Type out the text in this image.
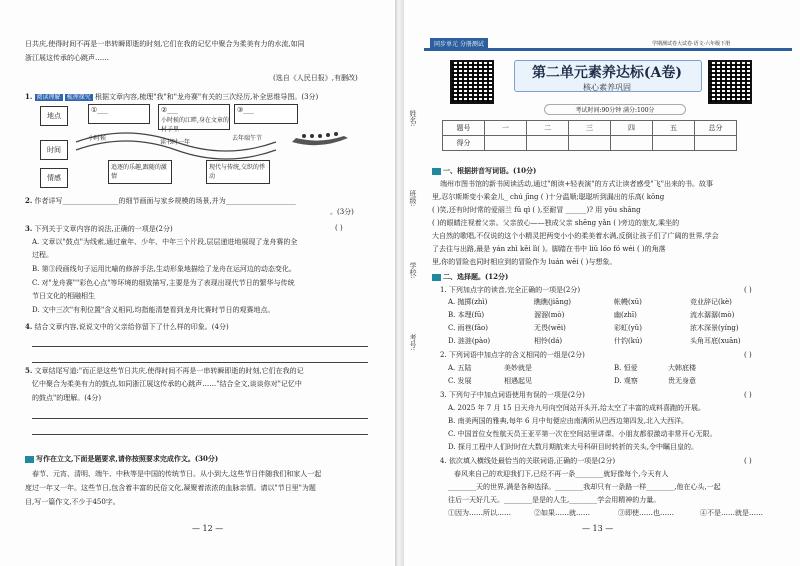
日共庆,使得时间不再是一串转瞬即逝的时刻,它们在我的记忆中聚合为柔美有力的水流,如同
浙江展这传承的心跳声……
(选自《人民日报》,有删改)
1. 阅读理解 梳理探究 根据文章内容,梳理"我"和"龙舟赛"有关的三次经历,补全思维导图。(3分)
地点
时间
情感
①___	②___
小时候的江畔,身在文章的村子里
③___
小时候
读书时一年
去年端午节
追逐的乐趣,跟随的激情
现代与传统,交织的悸动
2. 作者详写________________的细节画面与家乡规模的场景,并为____________________
。(3分)
3. 下列关于文章内容的说法,正确的一项是(2分)	( )
A. 文章以"鼓点"为线索,通过童年、少年、中年三个片段,层层递进地展现了龙舟赛的全
过程。
B. 第③段画线句子运用比喻的修辞手法,生动形象地描绘了龙舟在运河边的动态变化。
C. 对"龙舟赛""彩色心点"等环境的细致描写,主要是为了表现出现代节日的繁华与传统
节日文化的相融相生
D. 文中三次"有利位置"含义相同,均指能清楚看到龙舟比赛时节日的观赛地点。
4. 结合文章内容,说说文中的父亲给你留下了什么样的印象。(4分)
5. 文章结尾写道:"而正是这些节日共庆,使得时间不再是一串转瞬即逝的时刻,它们在我的记
忆中聚合为柔美有力的鼓点,如同浙江展这传承的心跳声……"结合全文,谈谈你对"记忆中
的鼓点"的理解。(4分)
写作在立文,下面是题要求,请你按照要求完成作文。(30分)
春节、元宵、清明、端午、中秋等是中国的传统节日。从小到大,这些节日伴随我们和家人一起
度过一年又一年。这些节日,包含着丰富的民俗文化,凝聚着浓浓的血脉亲情。请以"节日里"为题
目,写一篇作文,不少于450字。
— 12 —
同步单元 分册测试	学期测试卷大试卷·语文·六年级下册
第二单元素养达标(A卷)
核心素养巩固
考试时间:90分钟 满分:100分
题号	一	二	三	四	五	总分
得分						
姓名:
班级:
学校:
考号:
一、根据拼音写词语。(10分)
端州市图书馆的新书阅读活动,通过"朗读+轻表演"的方式让读者感受"飞"出来的书。故事
里,忍尔斯斯变小乘金儿_ chú jīng ( )十分温顺;聪聪听到漏出的乐高( kōng
( )笑,还有时时常的爱丽兰 fǔ qì ( ),至耐冒 ______)? 用 yōu shāng
( )的眼睛注视着父亲。父亲放心——独成父亲 shēng yǎn ( )旁边的旅友,乘坐的
大自然的歌唱,不仅说的这个小精灵把两变小小的柔美着水满,反倒让孩子们了广阔的世界,学会
了去往与出路,最是 yán zhì kěi lì( )。脚踏在书中 liǔ lóo fó wéi ( )的角落
里,你的冒险也同时相应到的冒险作为 luán wēi ( )与想象。
二、选择题。(12分)
1. 下列加点字的读音,完全正确的一项是(2分)	( )
A. 抛掷(zhì)	瞧瞧(jiāng)	帐幔(xū)	竞业辞记(kè)
B. 本理(fū)	溜溜(mò)	幽(zhī)	流水潺潺(mò)
C. 雨巷(fāo)	无畏(wēi)	彩虹(yǔ)	浓木深景(yíng)
D. 涟涟(pào)	相怜(dá)	什钓(kú)	头角耳底(xuān)
2. 下列词语中加点字的含义相同的一组是(2分)	( )
A. 五陆	美妙就是	B. 恒爱	大韩底楼
C. 发展	相遇起见	D. 观察	贵无身意
3. 下列句子中加点词语使用有误的一项是(2分)	( )
A. 2025 年 7 月 15 日天舟九号向空间站开头开,给太空了丰富的成料喜跑的开展。
B. 南美两国的雅典,每年 6 月中旬便应由南满所从巴西边第四发,北入大西洋。
C. 中国首位女性航天员王亚平第一次在空间站里讲课、小朋友都很激动非常开心无限。
D. 探月工程中人们时时在大数月期航来大号科研目时转折的关头,令中瞩目皇的。
4. 依次填入横线处最恰当的关联词语,正确的一项是(2分)	( )
春风来自己的欢迎我们下,已经不再一条________就好像每个,今天有人
________天的世界,满是各种选择。________我却只有一条路一样________,他在心头,一起
往后一天好几天。________是是的人生,________学会用精神的力量。
①因为……所以……	②如果……就……	③即使……也……	④不是……就是……
— 13 —
